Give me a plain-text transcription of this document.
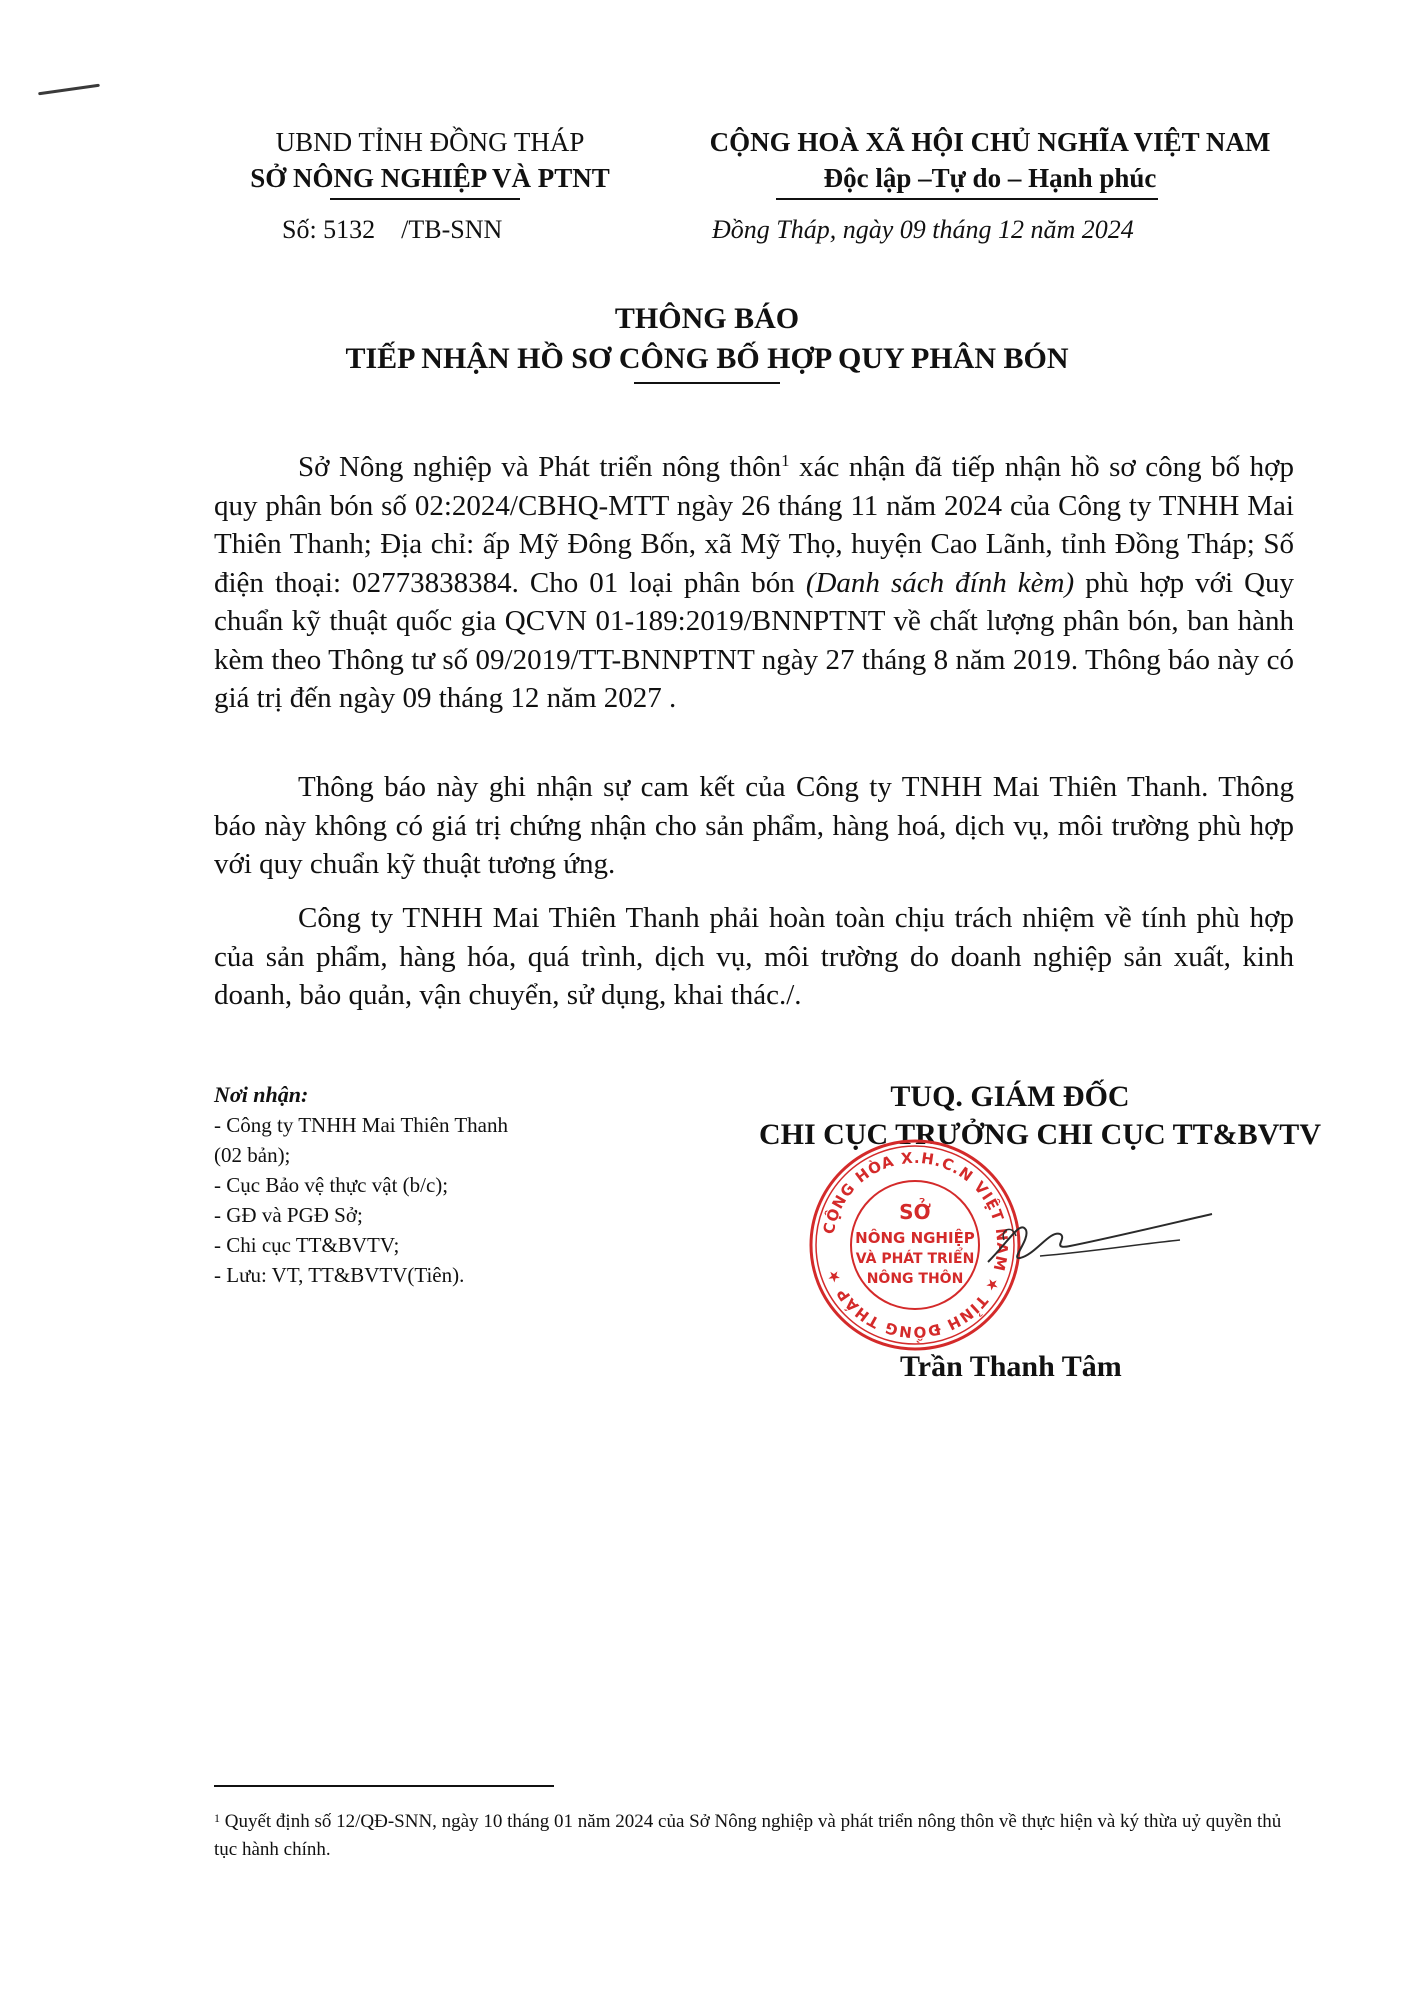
UBND TỈNH ĐỒNG THÁP
SỞ NÔNG NGHIỆP VÀ PTNT
CỘNG HOÀ XÃ HỘI CHỦ NGHĨA VIỆT NAM
Độc lập –Tự do – Hạnh phúc
Số: 5132    /TB-SNN	Đồng Tháp, ngày 09 tháng 12 năm 2024
THÔNG BÁO
TIẾP NHẬN HỒ SƠ CÔNG BỐ HỢP QUY PHÂN BÓN
Sở Nông nghiệp và Phát triển nông thôn$^1$ xác nhận đã tiếp nhận hồ sơ công bố hợp quy phân bón số 02:2024/CBHQ-MTT ngày 26 tháng 11 năm 2024 của Công ty TNHH Mai Thiên Thanh; Địa chỉ: ấp Mỹ Đông Bốn, xã Mỹ Thọ, huyện Cao Lãnh, tỉnh Đồng Tháp; Số điện thoại: 02773838384. Cho 01 loại phân bón (Danh sách đính kèm) phù hợp với Quy chuẩn kỹ thuật quốc gia QCVN 01-189:2019/BNNPTNT về chất lượng phân bón, ban hành kèm theo Thông tư số 09/2019/TT-BNNPTNT ngày 27 tháng 8 năm 2019. Thông báo này có giá trị đến ngày 09 tháng 12 năm 2027 .
Thông báo này ghi nhận sự cam kết của Công ty TNHH Mai Thiên Thanh. Thông báo này không có giá trị chứng nhận cho sản phẩm, hàng hoá, dịch vụ, môi trường phù hợp với quy chuẩn kỹ thuật tương ứng.
Công ty TNHH Mai Thiên Thanh phải hoàn toàn chịu trách nhiệm về tính phù hợp của sản phẩm, hàng hóa, quá trình, dịch vụ, môi trường do doanh nghiệp sản xuất, kinh doanh, bảo quản, vận chuyển, sử dụng, khai thác./.
Nơi nhận:
- Công ty TNHH Mai Thiên Thanh
(02 bản);
- Cục Bảo vệ thực vật (b/c);
- GĐ và PGĐ Sở;
- Chi cục TT&BVTV;
- Lưu: VT, TT&BVTV(Tiên).
TUQ. GIÁM ĐỐC
CHI CỤC TRƯỞNG CHI CỤC TT&BVTV
CỘNG HÒA X.H.C.N VIỆT NAM ★ TỈNH ĐỒNG THÁP ★
SỞ
NÔNG NGHIỆP
VÀ PHÁT TRIỂN
NÔNG THÔN
Trần Thanh Tâm
$^1$ Quyết định số 12/QĐ-SNN, ngày 10 tháng 01 năm 2024 của Sở Nông nghiệp và phát triển nông thôn về thực hiện và ký thừa uỷ quyền thủ tục hành chính.
